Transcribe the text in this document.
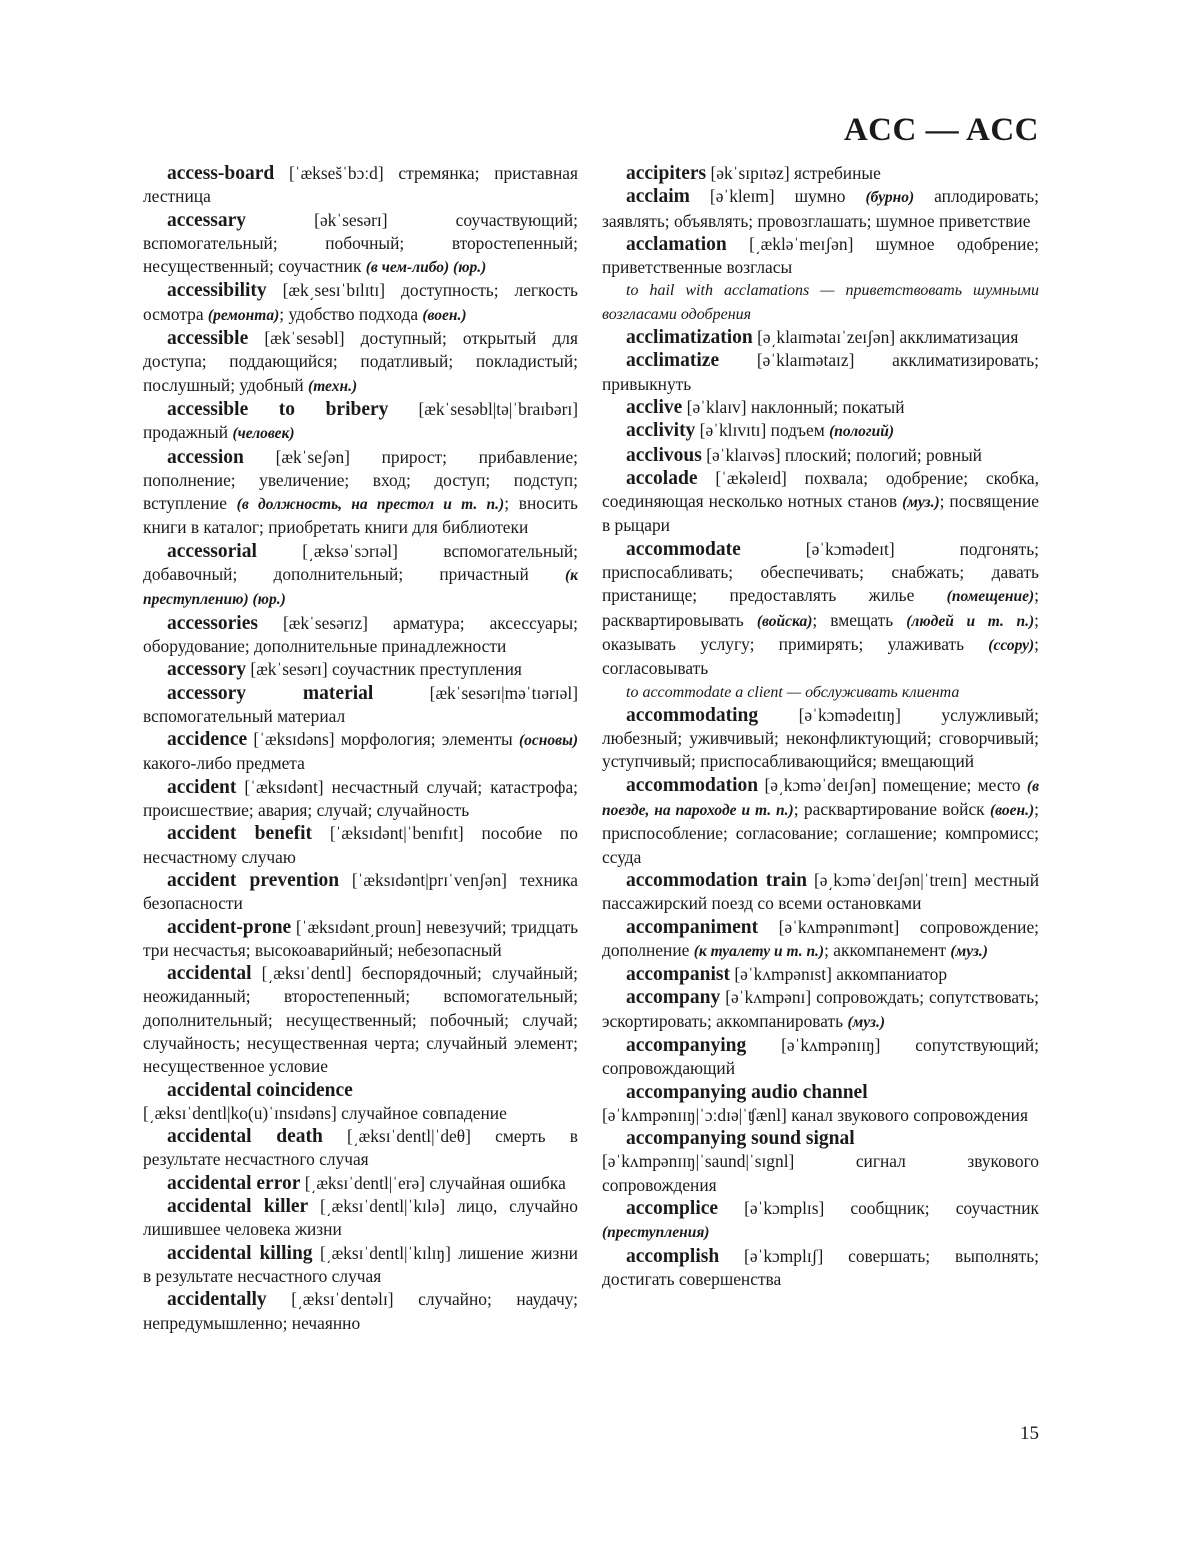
ACC — ACC

access-board [ˈækses̆ˈbɔːd] стремянка; приставная лестница

accessary [əkˈsesərɪ] соучаствующий; вспомогательный; побочный; второстепенный; несущественный; соучастник (в чем-либо) (юр.)

accessibility [æk͵sesɪˈbɪlɪtɪ] доступность; легкость осмотра (ремонта); удобство подхода (воен.)

accessible [ækˈsesəbl] доступный; открытый для доступа; поддающийся; податливый; покладистый; послушный; удобный (техн.)

accessible to bribery [ækˈsesəbl|tə|ˈbraɪbərɪ] продажный (человек)

accession [ækˈseʃən] прирост; прибавление; пополнение; увеличение; вход; доступ; подступ; вступление (в должность, на престол и т. п.); вносить книги в каталог; приобретать книги для библиотеки

accessorial [͵æksəˈsɔrɪəl] вспомогательный; добавочный; дополнительный; причастный (к преступлению) (юр.)

accessories [ækˈsesərɪz] арматура; аксессуары; оборудование; дополнительные принадлежности

accessory [ækˈsesərɪ] соучастник преступления

accessory material [ækˈsesərɪ|məˈtɪərɪəl] вспомогательный материал

accidence [ˈæksɪdəns] морфология; элементы (основы) какого-либо предмета

accident [ˈæksɪdənt] несчастный случай; катастрофа; происшествие; авария; случай; случайность

accident benefit [ˈæksɪdənt|ˈbenɪfɪt] пособие по несчастному случаю

accident prevention [ˈæksɪdənt|prɪˈvenʃən] техника безопасности

accident-prone [ˈæksɪdənt͵proun] невезучий; тридцать три несчастья; высокоаварийный; небезопасный

accidental [͵æksɪˈdentl] беспорядочный; случайный; неожиданный; второстепенный; вспомогательный; дополнительный; несущественный; побочный; случай; случайность; несущественная черта; случайный элемент; несущественное условие

accidental coincidence

[͵æksɪˈdentl|ko(u)ˈɪnsɪdəns] случайное совпадение

accidental death [͵æksɪˈdentl|ˈdeθ] смерть в результате несчастного случая

accidental error [͵æksɪˈdentl|ˈerə] случайная ошибка

accidental killer [͵æksɪˈdentl|ˈkɪlə] лицо, случайно лишившее человека жизни

accidental killing [͵æksɪˈdentl|ˈkɪlɪŋ] лишение жизни в результате несчастного случая

accidentally [͵æksɪˈdentəlɪ] случайно; наудачу; непредумышленно; нечаянно

accipiters [əkˈsɪpɪtəz] ястребиные

acclaim [əˈkleɪm] шумно (бурно) аплодировать; заявлять; объявлять; провозглашать; шумное приветствие

acclamation [͵ækləˈmeɪʃən] шумное одобрение; приветственные возгласы

to hail with acclamations — приветствовать шумными возгласами одобрения

acclimatization [ə͵klaɪmətaɪˈzeɪʃən] акклиматизация

acclimatize [əˈklaɪmətaɪz] акклиматизировать; привыкнуть

acclive [əˈklaɪv] наклонный; покатый

acclivity [əˈklɪvɪtɪ] подъем (пологий)

acclivous [əˈklaɪvəs] плоский; пологий; ровный

accolade [ˈækəleɪd] похвала; одобрение; скобка, соединяющая несколько нотных станов (муз.); посвящение в рыцари

accommodate [əˈkɔmədeɪt] подгонять; приспосабливать; обеспечивать; снабжать; давать пристанище; предоставлять жилье (помещение); расквартировывать (войска); вмещать (людей и т. п.); оказывать услугу; примирять; улаживать (ссору); согласовывать

to accommodate a client — обслуживать клиента

accommodating [əˈkɔmədeɪtɪŋ] услужливый; любезный; уживчивый; неконфликтующий; сговорчивый; уступчивый; приспосабливающийся; вмещающий

accommodation [ə͵kɔməˈdeɪʃən] помещение; место (в поезде, на пароходе и т. п.); расквартирование войск (воен.); приспособление; согласование; соглашение; компромисс; ссуда

accommodation train [ə͵kɔməˈdeɪʃən|ˈtreɪn] местный пассажирский поезд со всеми остановками

accompaniment [əˈkʌmpənɪmənt] сопровождение; дополнение (к туалету и т. п.); аккомпанемент (муз.)

accompanist [əˈkʌmpənɪst] аккомпаниатор

accompany [əˈkʌmpənɪ] сопровождать; сопутствовать; эскортировать; аккомпанировать (муз.)

accompanying [əˈkʌmpənɪɪŋ] сопутствующий; сопровождающий

accompanying audio channel

[əˈkʌmpənɪɪŋ|ˈɔːdɪə|ˈʧænl] канал звукового сопровождения

accompanying sound signal

[əˈkʌmpənɪɪŋ|ˈsaund|ˈsɪgnl] сигнал звукового сопровождения

accomplice [əˈkɔmplɪs] сообщник; соучастник (преступления)

accomplish [əˈkɔmplɪʃ] совершать; выполнять; достигать совершенства

15
